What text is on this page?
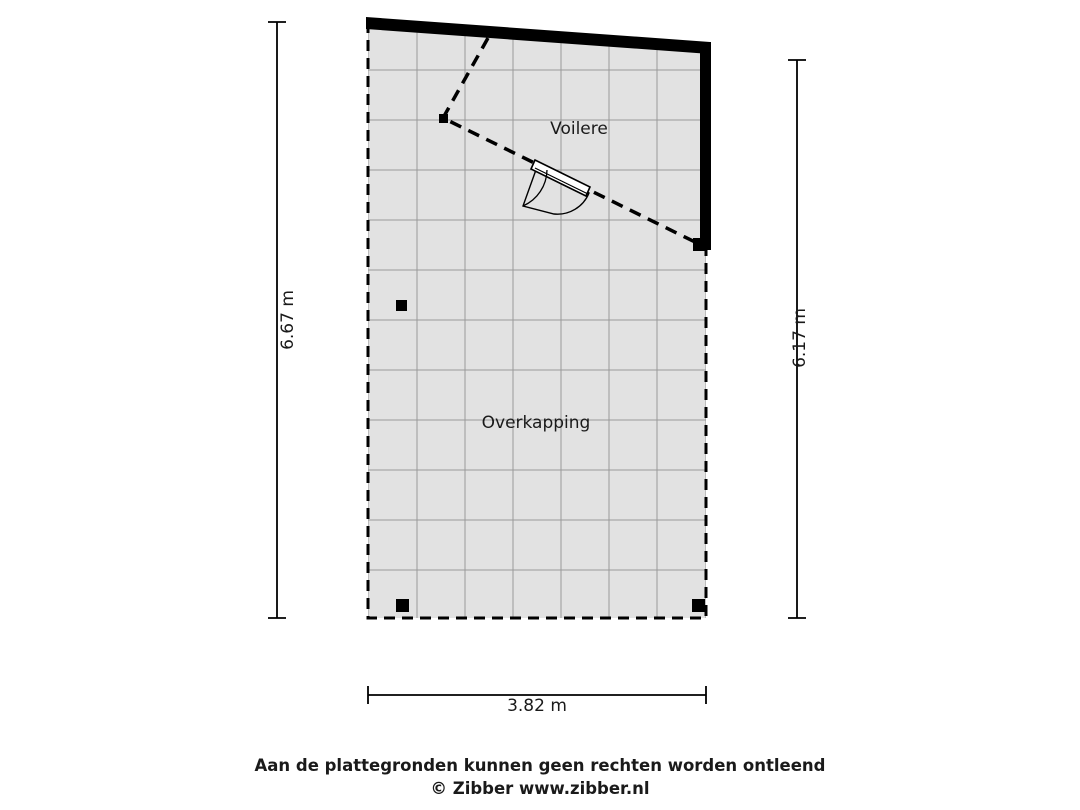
6.67 m	6.17 m
3.82 m
Voilere
Overkapping
Aan de plattegronden kunnen geen rechten worden ontleend
© Zibber www.zibber.nl
